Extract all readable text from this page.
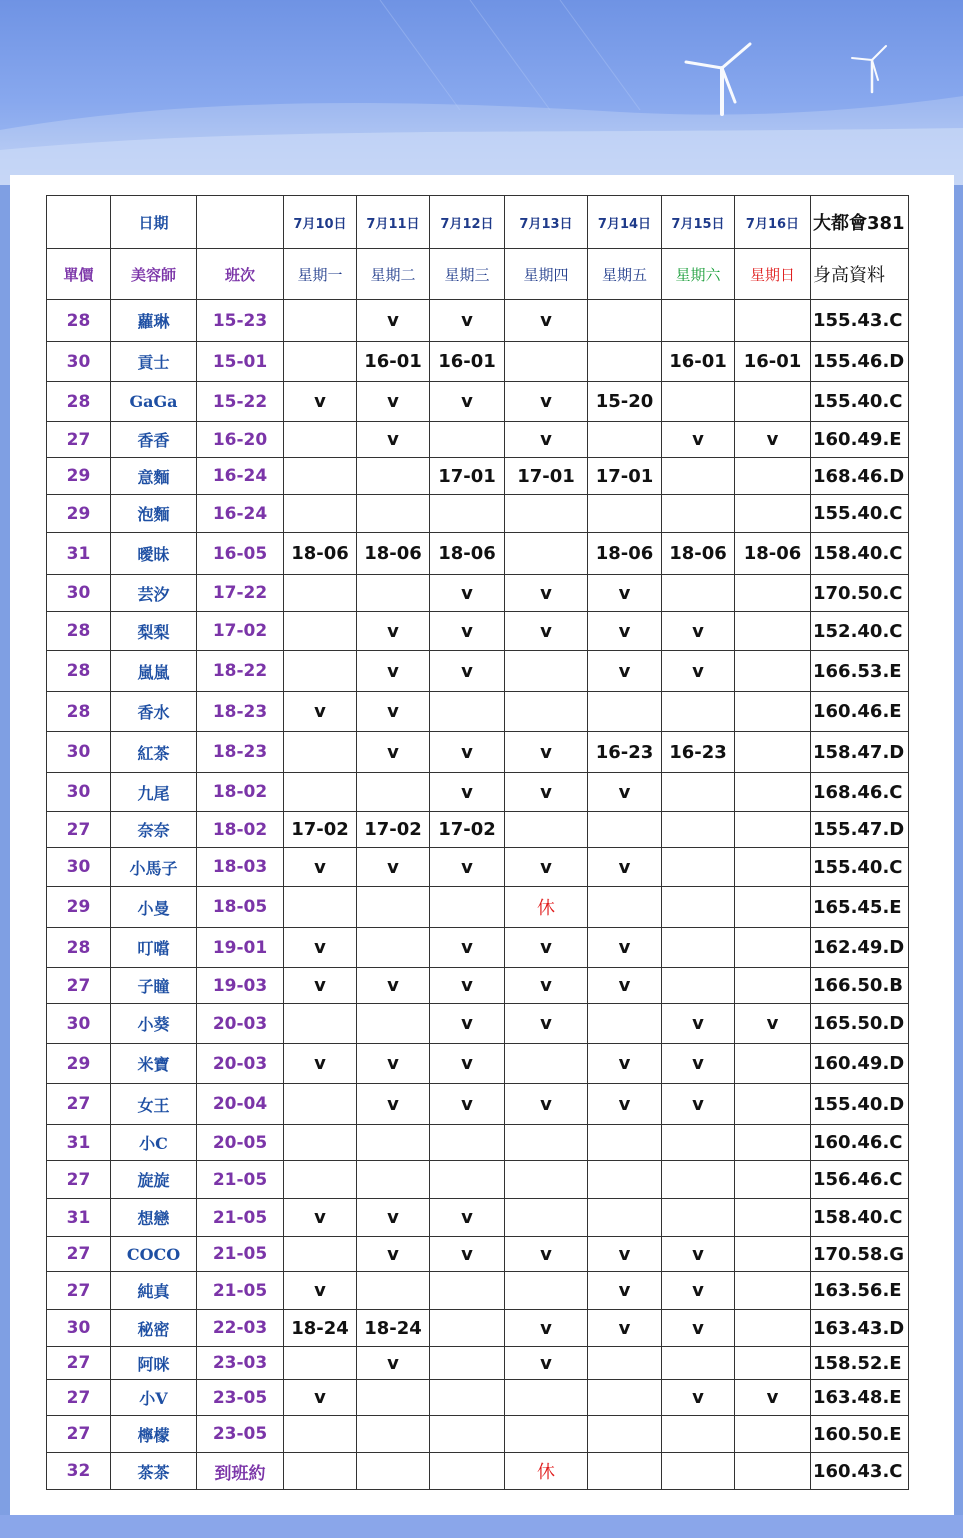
	日期		7月10日	7月11日	7月12日	7月13日	7月14日	7月15日	7月16日	大都會381
單價	美容師	班次	星期一	星期二	星期三	星期四	星期五	星期六	星期日	身高資料
28	蘿琳	15-23		v	v	v				155.43.C
30	貢士	15-01		16-01	16-01			16-01	16-01	155.46.D
28	GaGa	15-22	v	v	v	v	15-20			155.40.C
27	香香	16-20		v		v		v	v	160.49.E
29	意麵	16-24			17-01	17-01	17-01			168.46.D
29	泡麵	16-24								155.40.C
31	曖昧	16-05	18-06	18-06	18-06		18-06	18-06	18-06	158.40.C
30	芸汐	17-22			v	v	v			170.50.C
28	梨梨	17-02		v	v	v	v	v		152.40.C
28	嵐嵐	18-22		v	v		v	v		166.53.E
28	香水	18-23	v	v						160.46.E
30	紅茶	18-23		v	v	v	16-23	16-23		158.47.D
30	九尾	18-02			v	v	v			168.46.C
27	奈奈	18-02	17-02	17-02	17-02					155.47.D
30	小馬子	18-03	v	v	v	v	v			155.40.C
29	小曼	18-05				休				165.45.E
28	叮噹	19-01	v		v	v	v			162.49.D
27	子瞳	19-03	v	v	v	v	v			166.50.B
30	小葵	20-03			v	v		v	v	165.50.D
29	米寶	20-03	v	v	v		v	v		160.49.D
27	女王	20-04		v	v	v	v	v		155.40.D
31	小C	20-05								160.46.C
27	旋旋	21-05								156.46.C
31	想戀	21-05	v	v	v					158.40.C
27	COCO	21-05		v	v	v	v	v		170.58.G
27	純真	21-05	v				v	v		163.56.E
30	秘密	22-03	18-24	18-24		v	v	v		163.43.D
27	阿咪	23-03		v		v				158.52.E
27	小V	23-05	v					v	v	163.48.E
27	檸檬	23-05								160.50.E
32	茶茶	到班約				休				160.43.C
